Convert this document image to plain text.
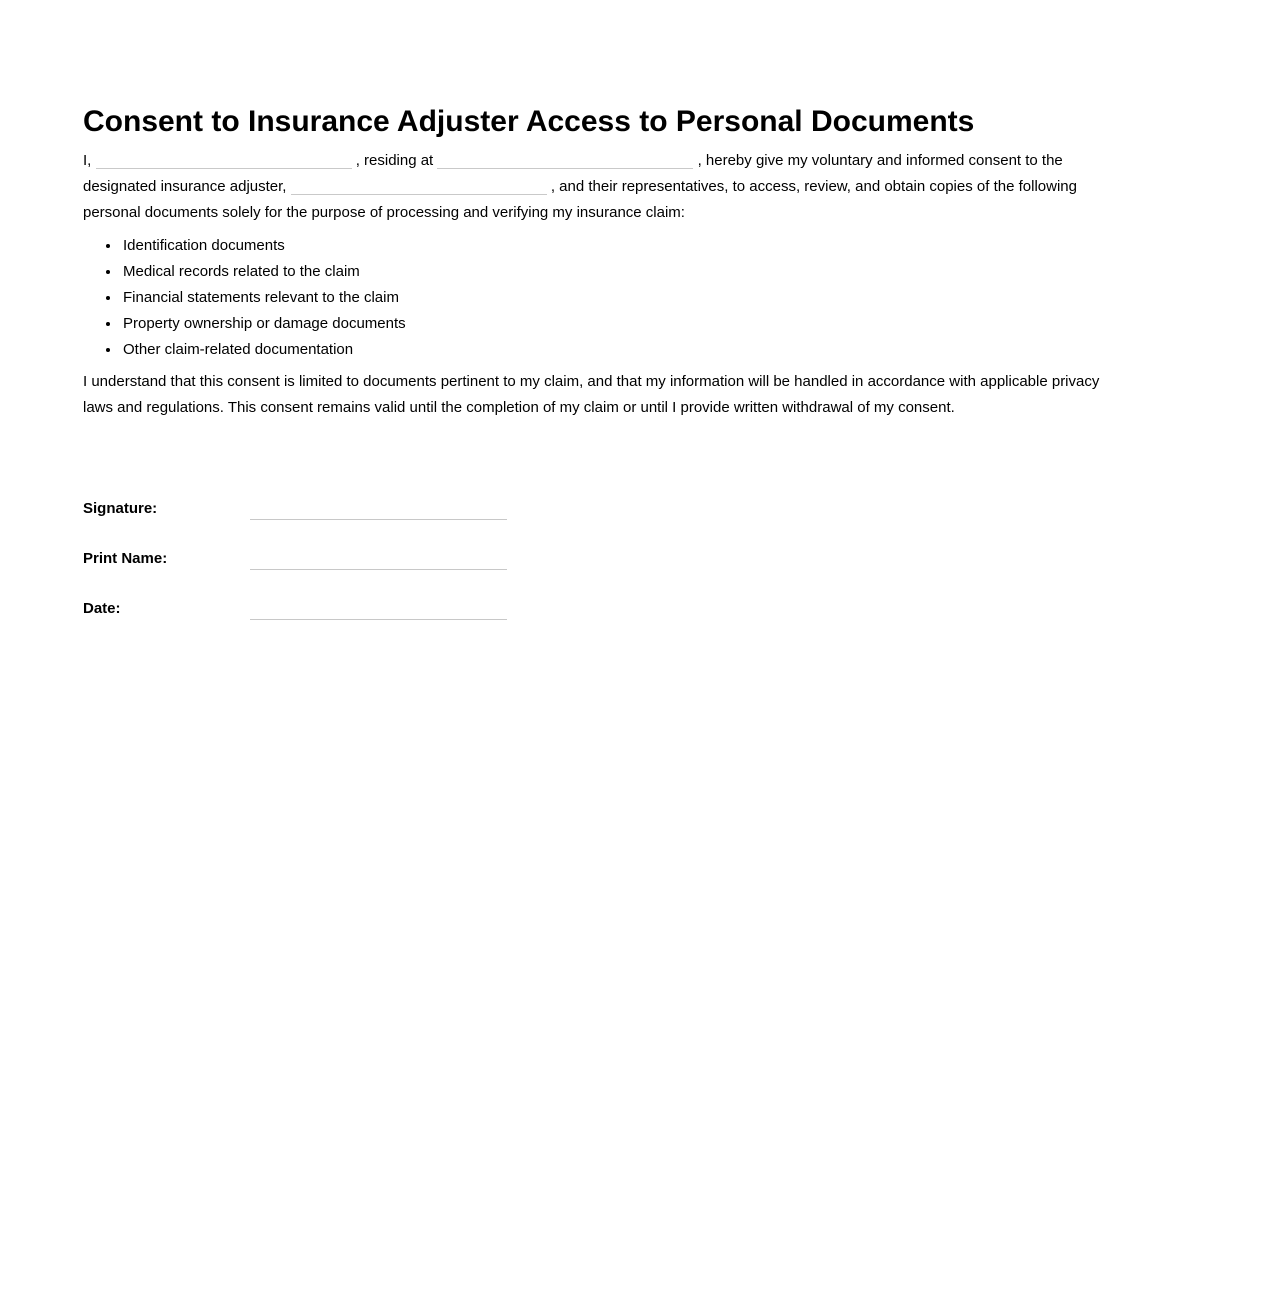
Consent to Insurance Adjuster Access to Personal Documents

I,	, residing at	, hereby give my voluntary and informed consent to the
designated insurance adjuster,	, and their representatives, to access, review, and obtain copies of the following
personal documents solely for the purpose of processing and verifying my insurance claim:

• Identification documents
• Medical records related to the claim
• Financial statements relevant to the claim
• Property ownership or damage documents
• Other claim-related documentation

I understand that this consent is limited to documents pertinent to my claim, and that my information will be handled in accordance with applicable privacy
laws and regulations. This consent remains valid until the completion of my claim or until I provide written withdrawal of my consent.

Signature:
Print Name:
Date:
